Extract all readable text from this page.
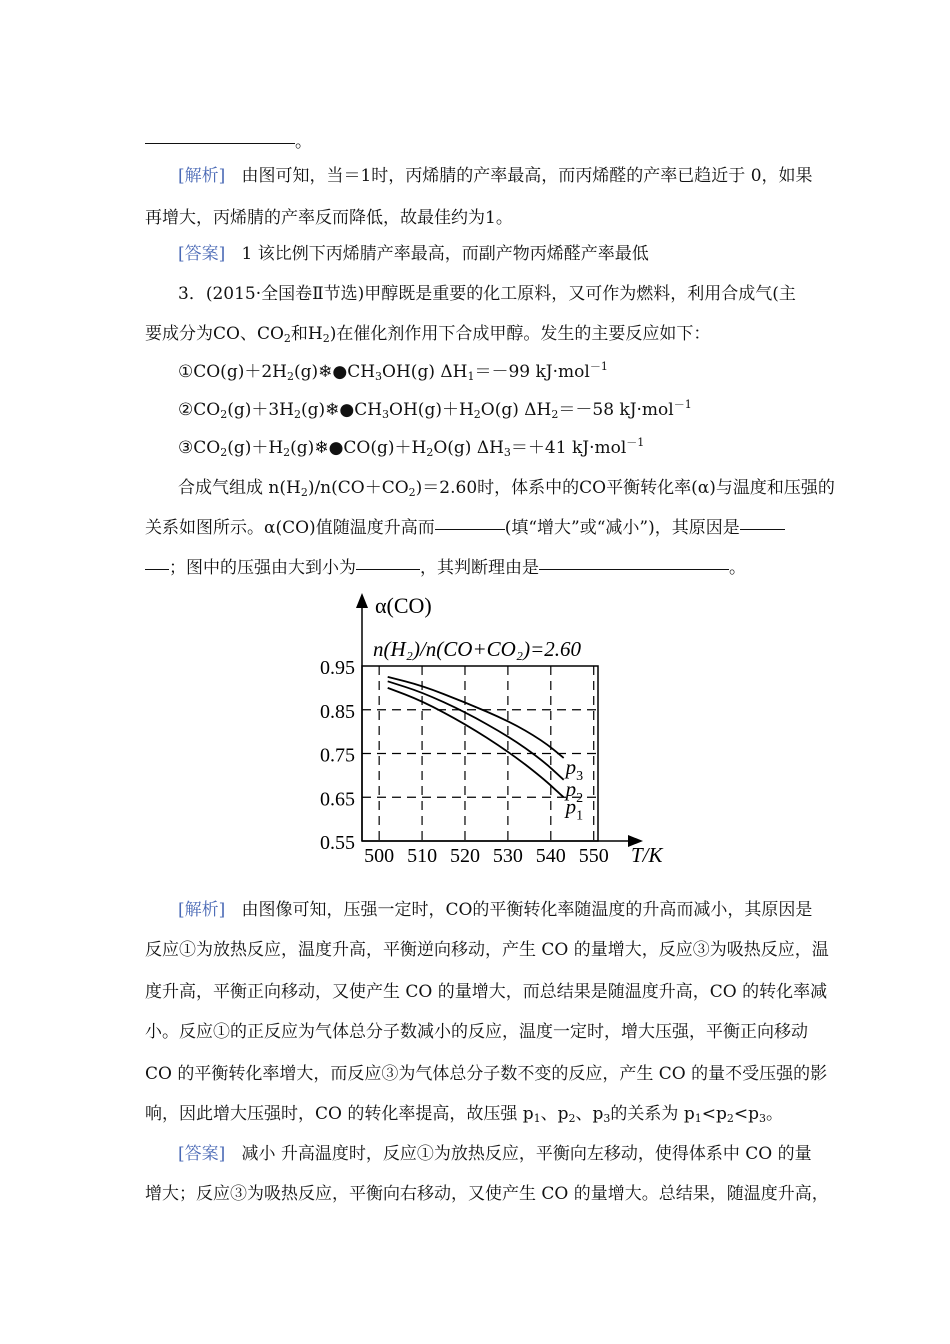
。
[解析] 由图可知，当＝1时，丙烯腈的产率最高，而丙烯醛的产率已趋近于 0，如果
再增大，丙烯腈的产率反而降低，故最佳约为1。
[答案] 1 该比例下丙烯腈产率最高，而副产物丙烯醛产率最低
3．(2015·全国卷Ⅱ节选)甲醇既是重要的化工原料，又可作为燃料，利用合成气(主
要成分为CO、$CO_2$和$H_2$)在催化剂作用下合成甲醇。发生的主要反应如下：
$①CO(g)+2H_2(g)❄●CH_3OH(g)$ $\Delta H_1=-99$ kJ·mol$^{-1}$
$②CO_2(g)+3H_2(g)❄●CH_3OH(g)+H_2O(g)$ $\Delta H_2=-58$ kJ·mol$^{-1}$
$③CO_2(g)+H_2(g)❄●CO(g)+H_2O(g)$ $\Delta H_3=+41$ kJ·mol$^{-1}$
合成气组成 $n(H_2)/n(CO+CO_2)=2.60$时，体系中的CO平衡转化率(α)与温度和压强的
关系如图所示。α(CO)值随温度升高而	(填“增大”或“减小”)，其原因是
；图中的压强由大到小为	，其判断理由是	。
α(CO)
n(H₂)/n(CO+CO₂)=2.60
T/K
500 510 520 530 540 550
0.95
0.85
0.75
0.65
0.55
$p_3$
$p_2$
$p_1$
[解析] 由图像可知，压强一定时，CO的平衡转化率随温度的升高而减小，其原因是
反应①为放热反应，温度升高，平衡逆向移动，产生 CO 的量增大，反应③为吸热反应，温
度升高，平衡正向移动，又使产生 CO 的量增大，而总结果是随温度升高，CO 的转化率减
小。反应①的正反应为气体总分子数减小的反应，温度一定时，增大压强，平衡正向移动
CO 的平衡转化率增大，而反应③为气体总分子数不变的反应，产生 CO 的量不受压强的影
响，因此增大压强时，CO 的转化率提高，故压强 $p_1$、$p_2$、$p_3$的关系为 $p_1<p_2<p_3$。
[答案] 减小 升高温度时，反应①为放热反应，平衡向左移动，使得体系中 CO 的量
增大；反应③为吸热反应，平衡向右移动，又使产生 CO 的量增大。总结果，随温度升高，
